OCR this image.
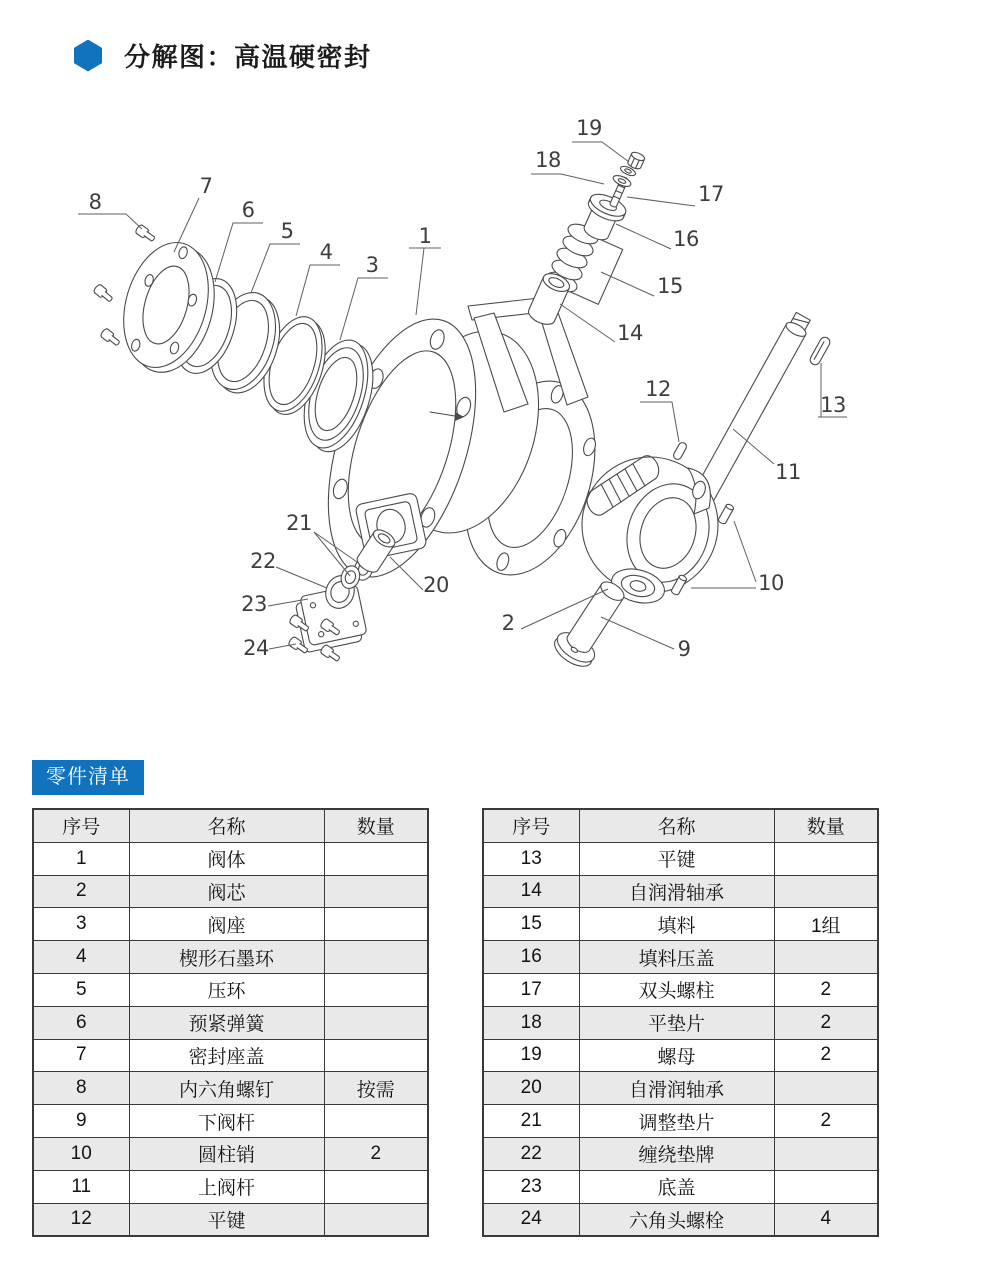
分解图：高温硬密封
1
2
3
4
5
6
7
8
9
10
11
12
13
14
15
16
17
18
19
20
21
22
23
24
零件清单
序号	名称	数量
1	阀体	
2	阀芯	
3	阀座	
4	楔形石墨环	
5	压环	
6	预紧弹簧	
7	密封座盖	
8	内六角螺钉	按需
9	下阀杆	
10	圆柱销	2
11	上阀杆	
12	平键	
序号	名称	数量
13	平键	
14	自润滑轴承	
15	填料	1组
16	填料压盖	
17	双头螺柱	2
18	平垫片	2
19	螺母	2
20	自滑润轴承	
21	调整垫片	2
22	缠绕垫牌	
23	底盖	
24	六角头螺栓	4
